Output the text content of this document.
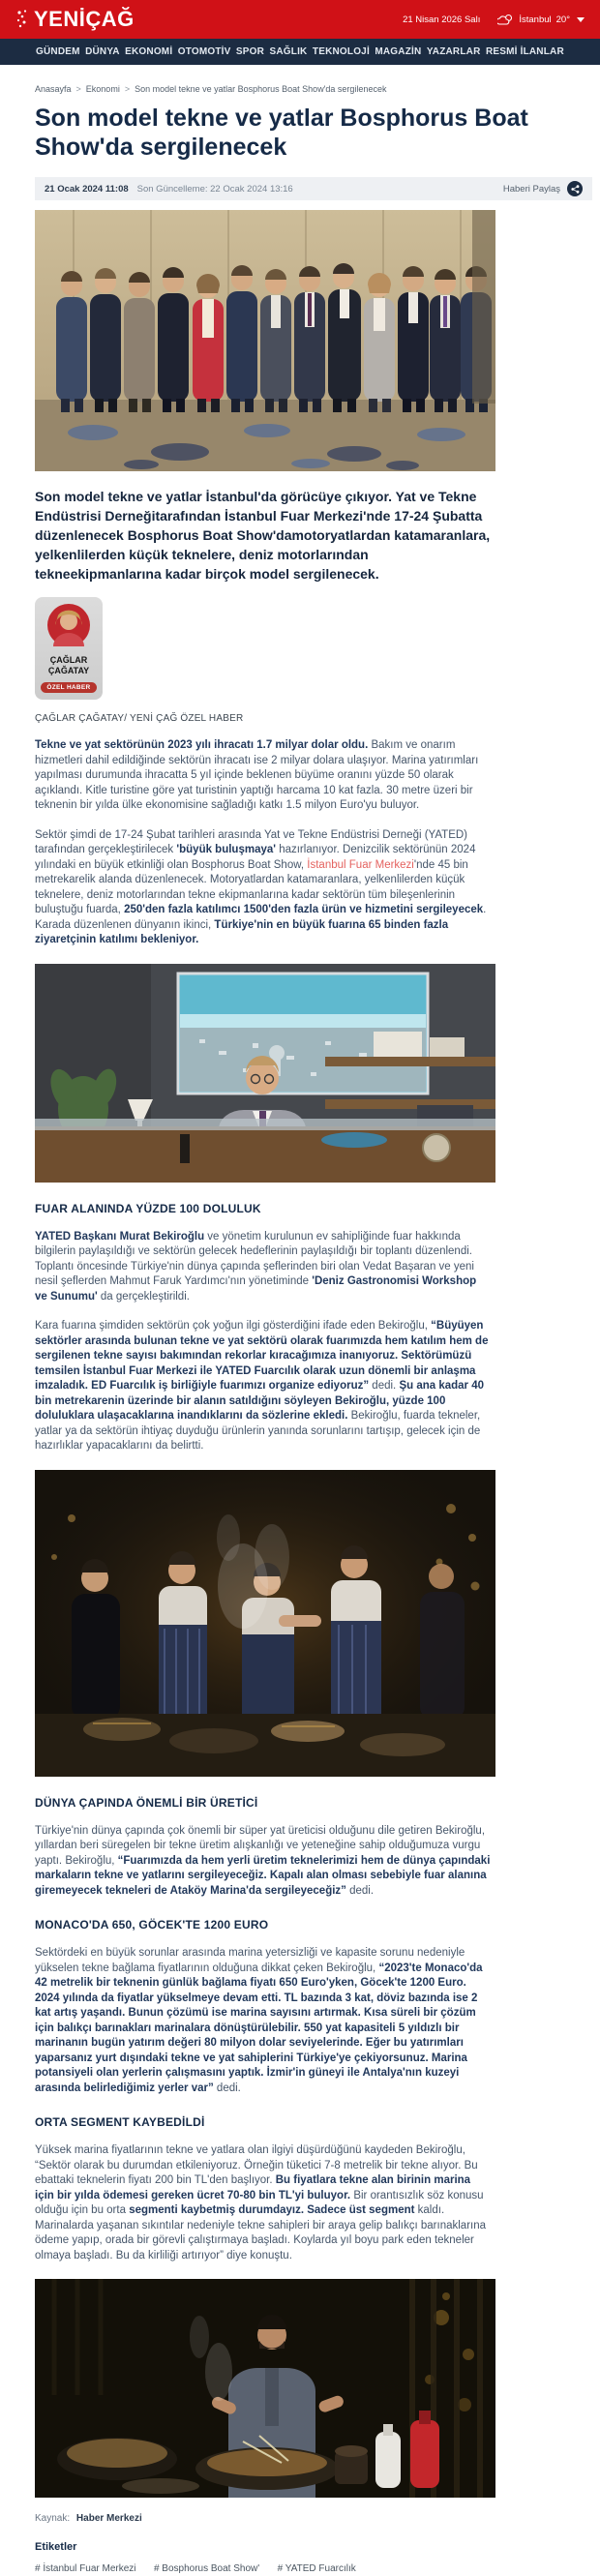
YENİÇAĞ	21 Nisan 2026 Salı	İstanbul 20°
GÜNDEM DÜNYA EKONOMİ OTOMOTİV SPOR SAĞLIK TEKNOLOJİ MAGAZİN YAZARLAR RESMİ İLANLAR
Anasayfa > Ekonomi > Son model tekne ve yatlar Bosphorus Boat Show'da sergilenecek
Son model tekne ve yatlar Bosphorus Boat Show'da sergilenecek
21 Ocak 2024 11:08 Son Güncelleme: 22 Ocak 2024 13:16	Haberi Paylaş

Son model tekne ve yatlar İstanbul'da görücüye çıkıyor. Yat ve Tekne Endüstrisi Derneğitarafından İstanbul Fuar Merkezi'nde 17-24 Şubatta düzenlenecek Bosphorus Boat Show'damotoryatlardan katamaranlara, yelkenlilerden küçük teknelere, deniz motorlarından tekneekipmanlarına kadar birçok model sergilenecek.

ÇAĞLAR
ÇAĞATAY
ÖZEL HABER
ÇAĞLAR ÇAĞATAY/ YENİ ÇAĞ ÖZEL HABER

Tekne ve yat sektörünün 2023 yılı ihracatı 1.7 milyar dolar oldu. Bakım ve onarım hizmetleri dahil edildiğinde sektörün ihracatı ise 2 milyar dolara ulaşıyor. Marina yatırımları yapılması durumunda ihracatta 5 yıl içinde beklenen büyüme oranını yüzde 50 olarak açıklandı. Kitle turistine göre yat turistinin yaptığı harcama 10 kat fazla. 30 metre üzeri bir teknenin bir yılda ülke ekonomisine sağladığı katkı 1.5 milyon Euro'yu buluyor.

Sektör şimdi de 17-24 Şubat tarihleri arasında Yat ve Tekne Endüstrisi Derneği (YATED) tarafından gerçekleştirilecek 'büyük buluşmaya' hazırlanıyor. Denizcilik sektörünün 2024 yılındaki en büyük etkinliği olan Bosphorus Boat Show, İstanbul Fuar Merkezi'nde 45 bin metrekarelik alanda düzenlenecek. Motoryatlardan katamaranlara, yelkenlilerden küçük teknelere, deniz motorlarından tekne ekipmanlarına kadar sektörün tüm bileşenlerinin buluştuğu fuarda, 250'den fazla katılımcı 1500'den fazla ürün ve hizmetini sergileyecek. Karada düzenlenen dünyanın ikinci, Türkiye'nin en büyük fuarına 65 binden fazla ziyaretçinin katılımı bekleniyor.

FUAR ALANINDA YÜZDE 100 DOLULUK

YATED Başkanı Murat Bekiroğlu ve yönetim kurulunun ev sahipliğinde fuar hakkında bilgilerin paylaşıldığı ve sektörün gelecek hedeflerinin paylaşıldığı bir toplantı düzenlendi. Toplantı öncesinde Türkiye'nin dünya çapında şeflerinden biri olan Vedat Başaran ve yeni nesil şeflerden Mahmut Faruk Yardımcı'nın yönetiminde 'Deniz Gastronomisi Workshop ve Sunumu' da gerçekleştirildi.

Kara fuarına şimdiden sektörün çok yoğun ilgi gösterdiğini ifade eden Bekiroğlu, “Büyüyen sektörler arasında bulunan tekne ve yat sektörü olarak fuarımızda hem katılım hem de sergilenen tekne sayısı bakımından rekorlar kıracağımıza inanıyoruz. Sektörümüzü temsilen İstanbul Fuar Merkezi ile YATED Fuarcılık olarak uzun dönemli bir anlaşma imzaladık. ED Fuarcılık iş birliğiyle fuarımızı organize ediyoruz” dedi. Şu ana kadar 40 bin metrekarenin üzerinde bir alanın satıldığını söyleyen Bekiroğlu, yüzde 100 doluluklara ulaşacaklarına inandıklarını da sözlerine ekledi. Bekiroğlu, fuarda tekneler, yatlar ya da sektörün ihtiyaç duyduğu ürünlerin yanında sorunlarını tartışıp, gelecek için de hazırlıklar yapacaklarını da belirtti.

DÜNYA ÇAPINDA ÖNEMLİ BİR ÜRETİCİ

Türkiye'nin dünya çapında çok önemli bir süper yat üreticisi olduğunu dile getiren Bekiroğlu, yıllardan beri süregelen bir tekne üretim alışkanlığı ve yeteneğine sahip olduğumuza vurgu yaptı. Bekiroğlu, “Fuarımızda da hem yerli üretim teknelerimizi hem de dünya çapındaki markaların tekne ve yatlarını sergileyeceğiz. Kapalı alan olması sebebiyle fuar alanına giremeyecek tekneleri de Ataköy Marina'da sergileyeceğiz” dedi.

MONACO'DA 650, GÖCEK'TE 1200 EURO

Sektördeki en büyük sorunlar arasında marina yetersizliği ve kapasite sorunu nedeniyle yükselen tekne bağlama fiyatlarının olduğuna dikkat çeken Bekiroğlu, “2023'te Monaco'da 42 metrelik bir teknenin günlük bağlama fiyatı 650 Euro'yken, Göcek'te 1200 Euro. 2024 yılında da fiyatlar yükselmeye devam etti. TL bazında 3 kat, döviz bazında ise 2 kat artış yaşandı. Bunun çözümü ise marina sayısını artırmak. Kısa süreli bir çözüm için balıkçı barınakları marinalara dönüştürülebilir. 550 yat kapasiteli 5 yıldızlı bir marinanın bugün yatırım değeri 80 milyon dolar seviyelerinde. Eğer bu yatırımları yaparsanız yurt dışındaki tekne ve yat sahiplerini Türkiye'ye çekiyorsunuz. Marina potansiyeli olan yerlerin çalışmasını yaptık. İzmir'in güneyi ile Antalya'nın kuzeyi arasında belirlediğimiz yerler var” dedi.

ORTA SEGMENT KAYBEDİLDİ

Yüksek marina fiyatlarının tekne ve yatlara olan ilgiyi düşürdüğünü kaydeden Bekiroğlu, “Sektör olarak bu durumdan etkileniyoruz. Örneğin tüketici 7-8 metrelik bir tekne alıyor. Bu ebattaki teknelerin fiyatı 200 bin TL'den başlıyor. Bu fiyatlara tekne alan birinin marina için bir yılda ödemesi gereken ücret 70-80 bin TL'yi buluyor. Bir orantısızlık söz konusu olduğu için bu orta segmenti kaybetmiş durumdayız. Sadece üst segment kaldı. Marinalarda yaşanan sıkıntılar nedeniyle tekne sahipleri bir araya gelip balıkçı barınaklarına ödeme yapıp, orada bir görevli çalıştırmaya başladı. Koylarda yıl boyu park eden tekneler olmaya başladı. Bu da kirliliği artırıyor” diye konuştu.

Kaynak: Haber Merkezi
Etiketler
# İstanbul Fuar Merkezi # Bosphorus Boat Show' # YATED Fuarcılık
